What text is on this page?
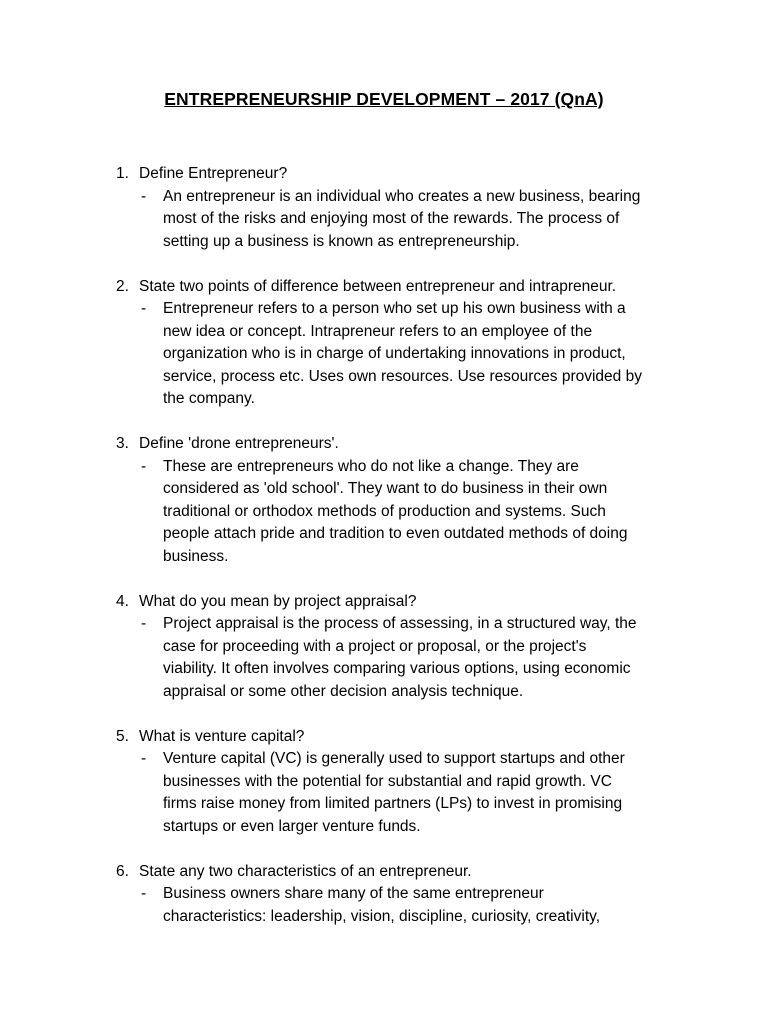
ENTREPRENEURSHIP DEVELOPMENT – 2017 (QnA)
1. Define Entrepreneur?
- An entrepreneur is an individual who creates a new business, bearing
most of the risks and enjoying most of the rewards. The process of
setting up a business is known as entrepreneurship.
2. State two points of difference between entrepreneur and intrapreneur.
- Entrepreneur refers to a person who set up his own business with a
new idea or concept. Intrapreneur refers to an employee of the
organization who is in charge of undertaking innovations in product,
service, process etc. Uses own resources. Use resources provided by
the company.
3. Define 'drone entrepreneurs'.
- These are entrepreneurs who do not like a change. They are
considered as 'old school'. They want to do business in their own
traditional or orthodox methods of production and systems. Such
people attach pride and tradition to even outdated methods of doing
business.
4. What do you mean by project appraisal?
- Project appraisal is the process of assessing, in a structured way, the
case for proceeding with a project or proposal, or the project's
viability. It often involves comparing various options, using economic
appraisal or some other decision analysis technique.
5. What is venture capital?
- Venture capital (VC) is generally used to support startups and other
businesses with the potential for substantial and rapid growth. VC
firms raise money from limited partners (LPs) to invest in promising
startups or even larger venture funds.
6. State any two characteristics of an entrepreneur.
- Business owners share many of the same entrepreneur
characteristics: leadership, vision, discipline, curiosity, creativity,
